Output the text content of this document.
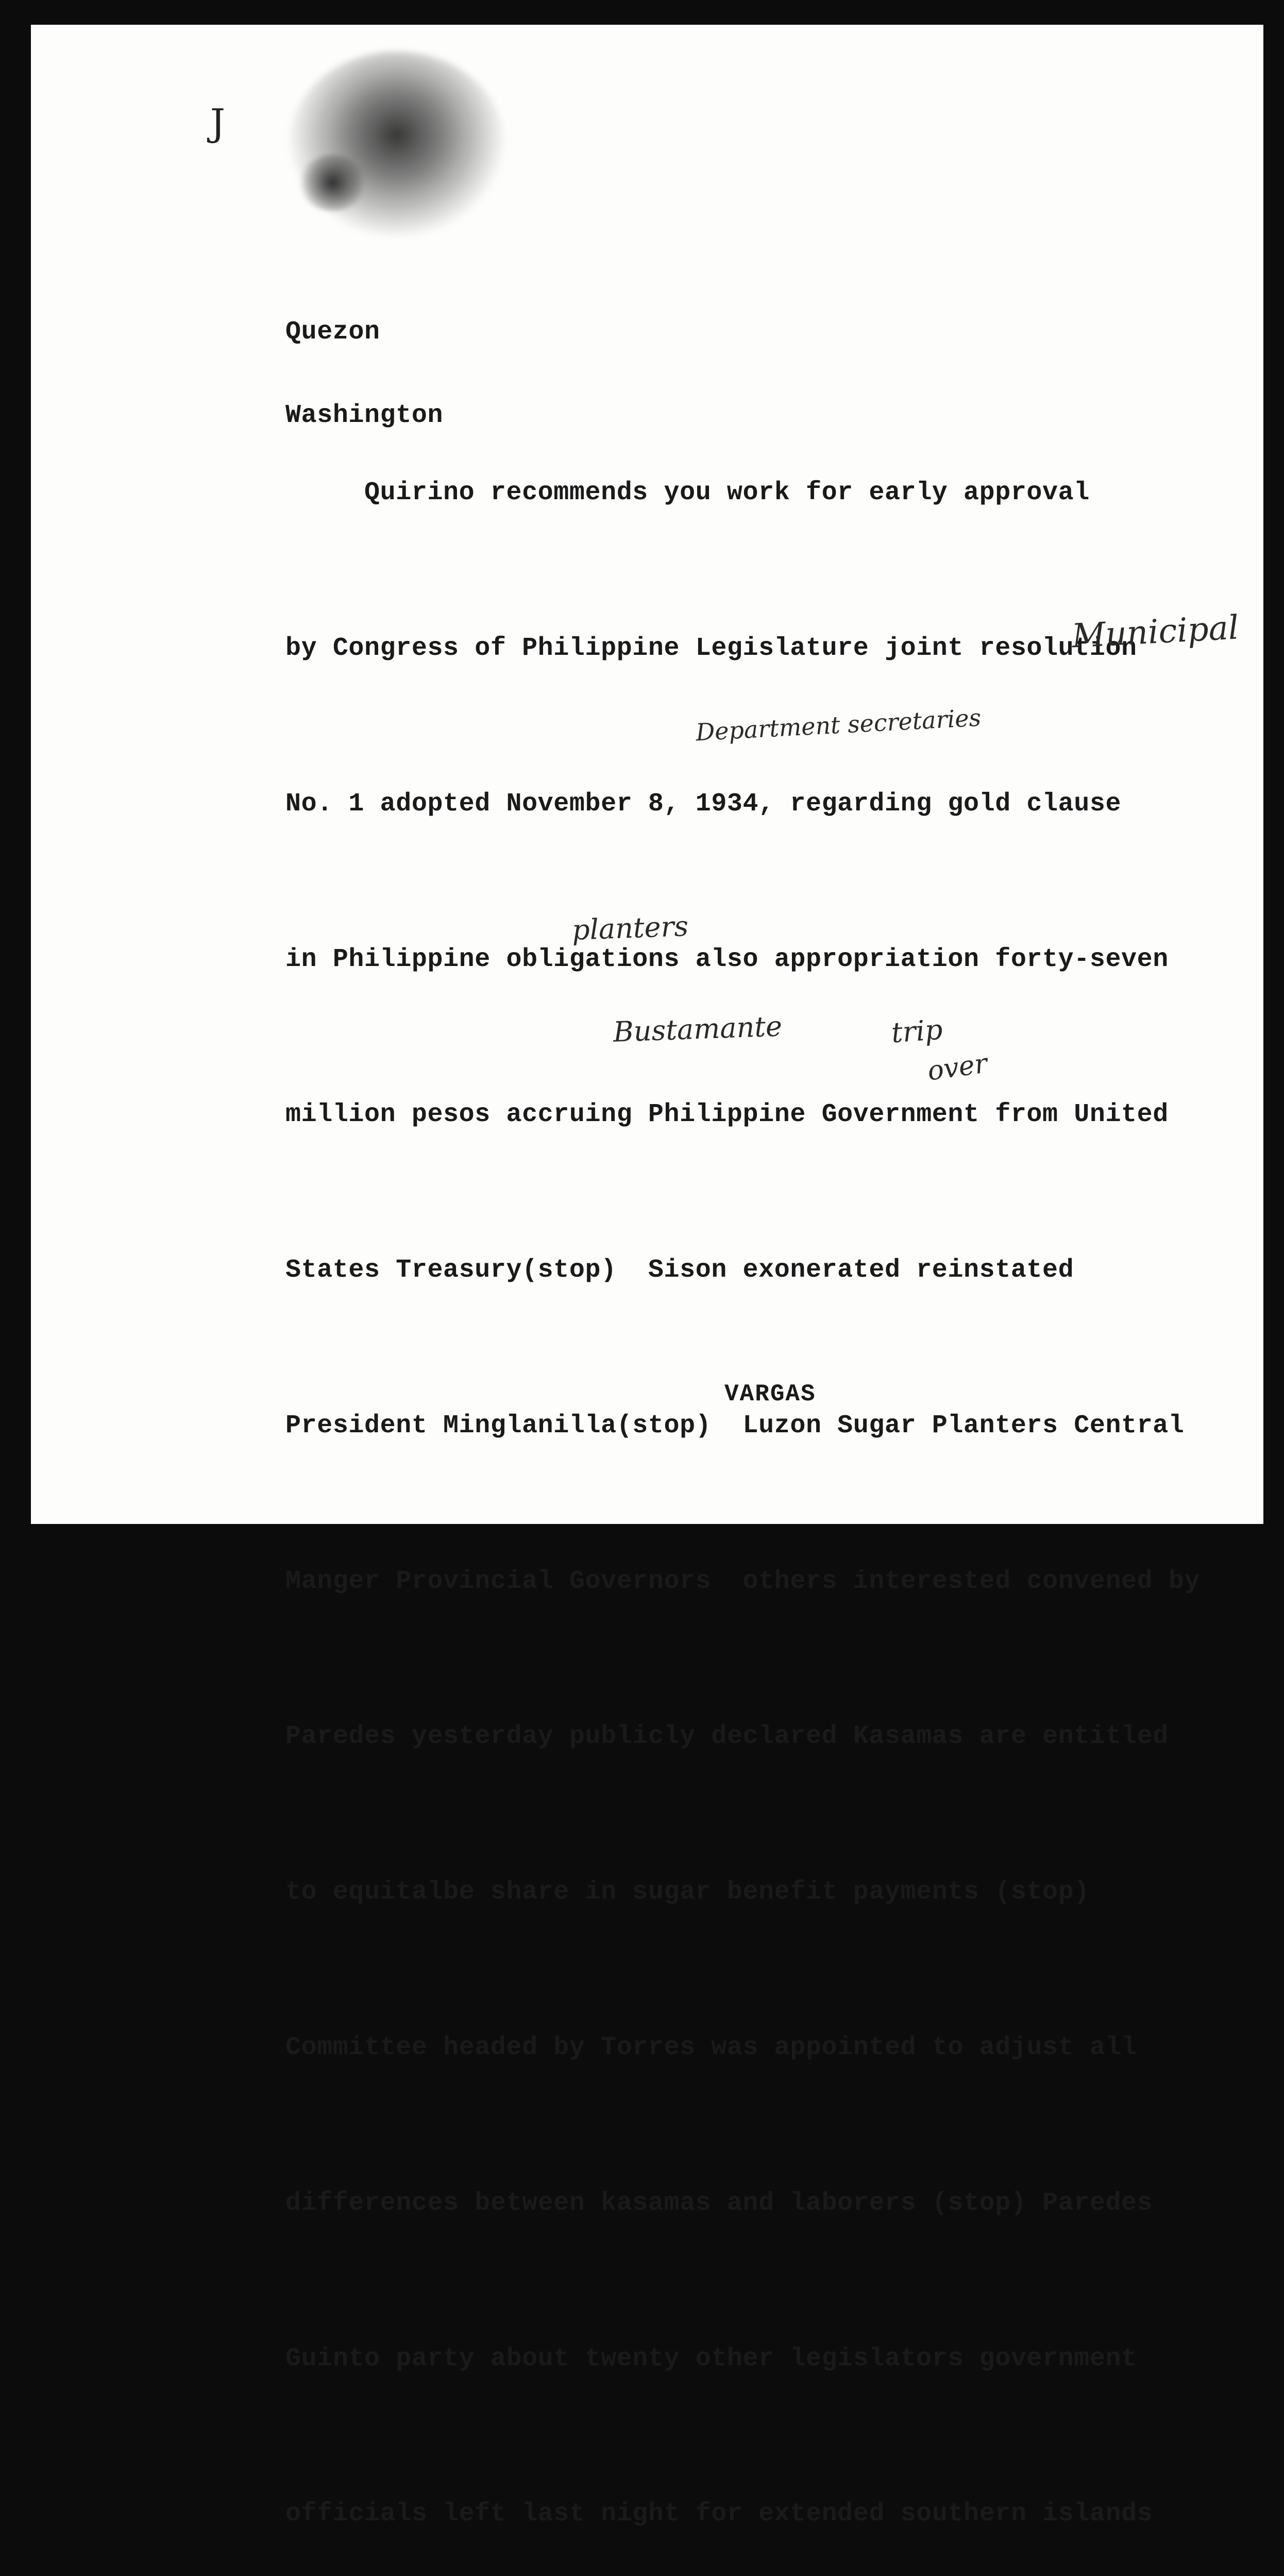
J

Quezon

Washington

Quirino recommends you work for early approval

by Congress of Philippine Legislature joint resolution

No. 1 adopted November 8, 1934, regarding gold clause

in Philippine obligations also appropriation forty-seven

million pesos accruing Philippine Government from United

States Treasury(stop)  Sison exonerated reinstated

President Minglanilla(stop)  Luzon Sugar Planters Central

Manger Provincial Governors  others interested convened by

Paredes yesterday publicly declared Kasamas are entitled

to equitalbe share in sugar benefit payments (stop)

Committee headed by Torres was appointed to adjust all

differences between kasamas and laborers (stop) Paredes

Guinto party about twenty other legislators government

officials left last night for extended southern islands

Municipal
Department secretaries
planters
Bustamante	trip
over
VARGAS
